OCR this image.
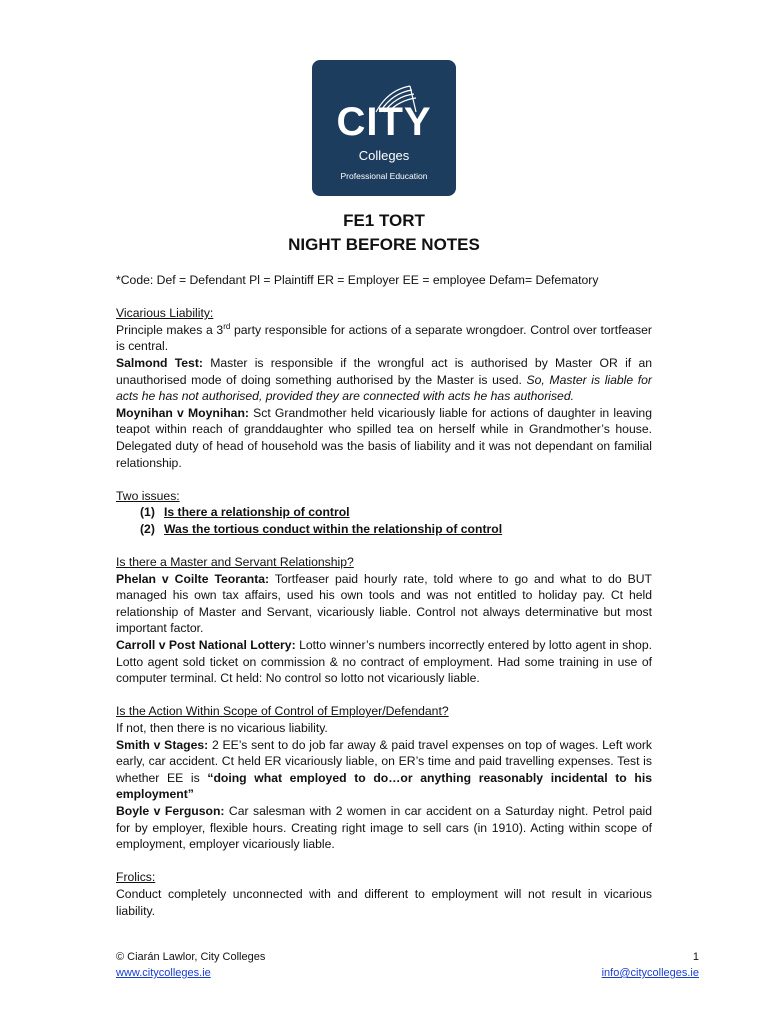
CITY
Colleges
Professional Education
FE1 TORT
NIGHT BEFORE NOTES

*Code: Def = Defendant Pl = Plaintiff ER = Employer EE = employee Defam= Defematory

Vicarious Liability:

Principle makes a 3rd party responsible for actions of a separate wrongdoer. Control over tortfeaser is central.

Salmond Test: Master is responsible if the wrongful act is authorised by Master OR if an unauthorised mode of doing something authorised by the Master is used. So, Master is liable for acts he has not authorised, provided they are connected with acts he has authorised.

Moynihan v Moynihan: Sct Grandmother held vicariously liable for actions of daughter in leaving teapot within reach of granddaughter who spilled tea on herself while in Grandmother’s house. Delegated duty of head of household was the basis of liability and it was not dependant on familial relationship.

Two issues:

(1) Is there a relationship of control

(2) Was the tortious conduct within the relationship of control

Is there a Master and Servant Relationship?

Phelan v Coilte Teoranta: Tortfeaser paid hourly rate, told where to go and what to do BUT managed his own tax affairs, used his own tools and was not entitled to holiday pay. Ct held relationship of Master and Servant, vicariously liable. Control not always determinative but most important factor.

Carroll v Post National Lottery: Lotto winner’s numbers incorrectly entered by lotto agent in shop. Lotto agent sold ticket on commission & no contract of employment. Had some training in use of computer terminal. Ct held: No control so lotto not vicariously liable.

Is the Action Within Scope of Control of Employer/Defendant?

If not, then there is no vicarious liability.

Smith v Stages: 2 EE’s sent to do job far away & paid travel expenses on top of wages. Left work early, car accident. Ct held ER vicariously liable, on ER’s time and paid travelling expenses. Test is whether EE is “doing what employed to do…or anything reasonably incidental to his employment”

Boyle v Ferguson: Car salesman with 2 women in car accident on a Saturday night. Petrol paid for by employer, flexible hours. Creating right image to sell cars (in 1910). Acting within scope of employment, employer vicariously liable.

Frolics:

Conduct completely unconnected with and different to employment will not result in vicarious liability.

© Ciarán Lawlor, City Colleges	1
www.citycolleges.ie	info@citycolleges.ie
